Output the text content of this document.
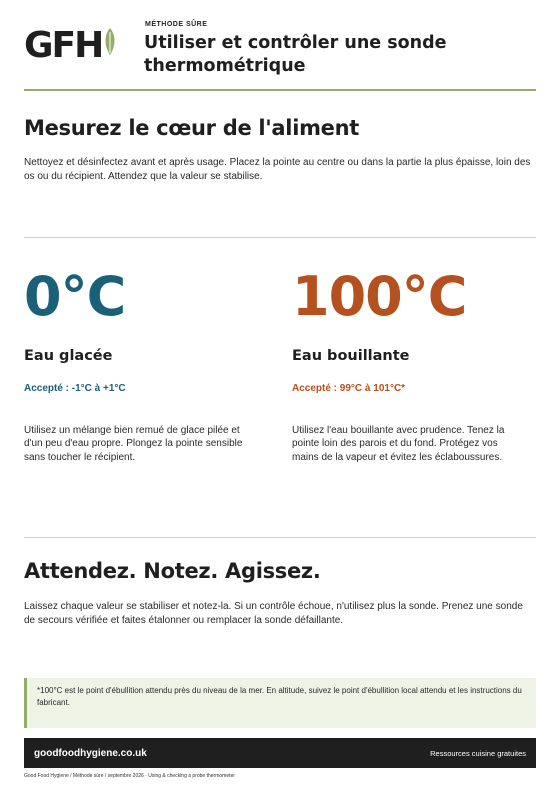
GFH
MÉTHODE SÛRE
Utiliser et contrôler une sonde thermométrique
Mesurez le cœur de l'aliment
Nettoyez et désinfectez avant et après usage. Placez la pointe au centre ou dans la partie la plus épaisse, loin des os ou du récipient. Attendez que la valeur se stabilise.
0°C
Eau glacée
Accepté : -1°C à +1°C
Utilisez un mélange bien remué de glace pilée et d'un peu d'eau propre. Plongez la pointe sensible sans toucher le récipient.
100°C
Eau bouillante
Accepté : 99°C à 101°C*
Utilisez l'eau bouillante avec prudence. Tenez la pointe loin des parois et du fond. Protégez vos mains de la vapeur et évitez les éclaboussures.
Attendez. Notez. Agissez.
Laissez chaque valeur se stabiliser et notez-la. Si un contrôle échoue, n'utilisez plus la sonde. Prenez une sonde de secours vérifiée et faites étalonner ou remplacer la sonde défaillante.
*100°C est le point d'ébullition attendu près du niveau de la mer. En altitude, suivez le point d'ébullition local attendu et les instructions du fabricant.
goodfoodhygiene.co.uk	Ressources cuisine gratuites
Good Food Hygiene / Méthode sûre / septembre 2026 · Using & checking a probe thermometer
